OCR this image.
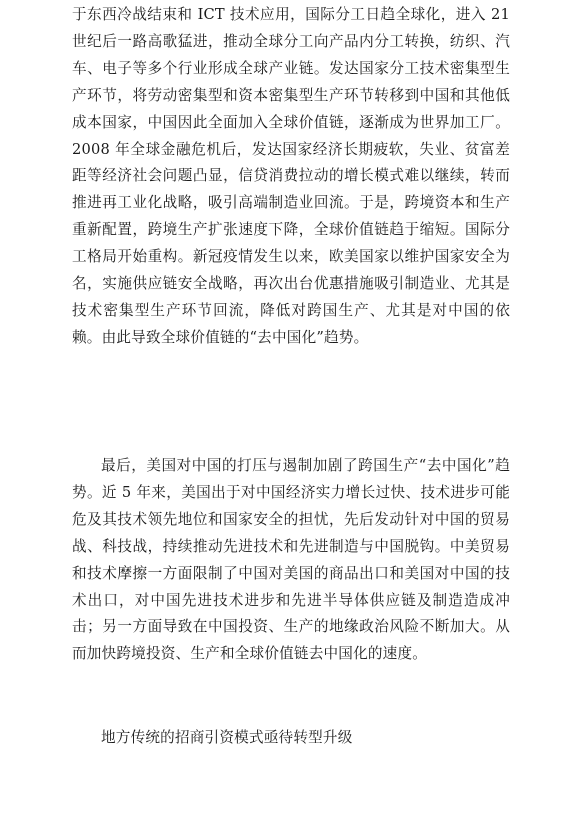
于东西冷战结束和 ICT 技术应用，国际分工日趋全球化，进入 21 世纪后一路高歌猛进，推动全球分工向产品内分工转换，纺织、汽车、电子等多个行业形成全球产业链。发达国家分工技术密集型生产环节，将劳动密集型和资本密集型生产环节转移到中国和其他低成本国家，中国因此全面加入全球价值链，逐渐成为世界加工厂。2008 年全球金融危机后，发达国家经济长期疲软，失业、贫富差距等经济社会问题凸显，信贷消费拉动的增长模式难以继续，转而推进再工业化战略，吸引高端制造业回流。于是，跨境资本和生产重新配置，跨境生产扩张速度下降，全球价值链趋于缩短。国际分工格局开始重构。新冠疫情发生以来，欧美国家以维护国家安全为名，实施供应链安全战略，再次出台优惠措施吸引制造业、尤其是技术密集型生产环节回流，降低对跨国生产、尤其是对中国的依赖。由此导致全球价值链的“去中国化”趋势。

最后，美国对中国的打压与遏制加剧了跨国生产“去中国化”趋势。近 5 年来，美国出于对中国经济实力增长过快、技术进步可能危及其技术领先地位和国家安全的担忧，先后发动针对中国的贸易战、科技战，持续推动先进技术和先进制造与中国脱钩。中美贸易和技术摩擦一方面限制了中国对美国的商品出口和美国对中国的技术出口，对中国先进技术进步和先进半导体供应链及制造造成冲击；另一方面导致在中国投资、生产的地缘政治风险不断加大。从而加快跨境投资、生产和全球价值链去中国化的速度。

地方传统的招商引资模式亟待转型升级
